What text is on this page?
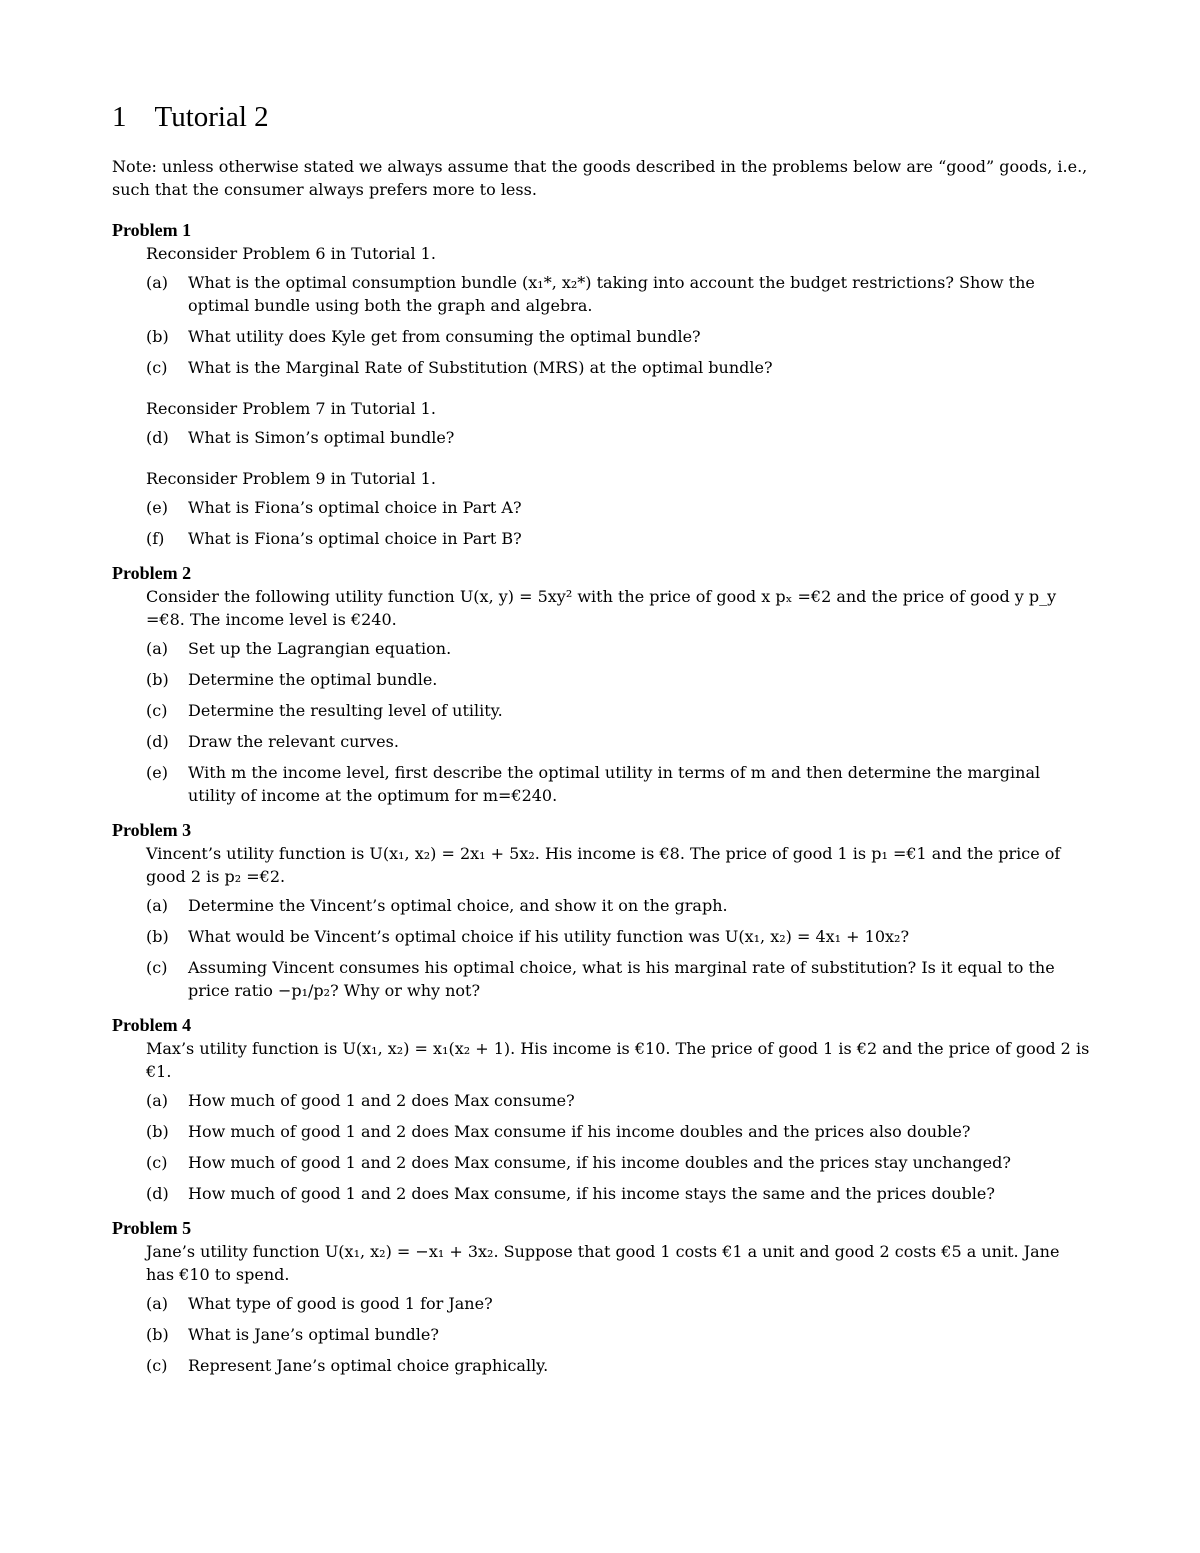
1 Tutorial 2

Note: unless otherwise stated we always assume that the goods described in the problems below are “good” goods, i.e., such that the consumer always prefers more to less.

Problem 1
Reconsider Problem 6 in Tutorial 1.
(a)	What is the optimal consumption bundle (x₁*, x₂*) taking into account the budget restrictions? Show the optimal bundle using both the graph and algebra.
(b)	What utility does Kyle get from consuming the optimal bundle?
(c)	What is the Marginal Rate of Substitution (MRS) at the optimal bundle?
Reconsider Problem 7 in Tutorial 1.
(d)	What is Simon’s optimal bundle?
Reconsider Problem 9 in Tutorial 1.
(e)	What is Fiona’s optimal choice in Part A?
(f)	What is Fiona’s optimal choice in Part B?
Problem 2
Consider the following utility function U(x, y) = 5xy² with the price of good x pₓ =€2 and the price of good y p_y =€8. The income level is €240.
(a)	Set up the Lagrangian equation.
(b)	Determine the optimal bundle.
(c)	Determine the resulting level of utility.
(d)	Draw the relevant curves.
(e)	With m the income level, first describe the optimal utility in terms of m and then determine the marginal utility of income at the optimum for m=€240.
Problem 3
Vincent’s utility function is U(x₁, x₂) = 2x₁ + 5x₂. His income is €8. The price of good 1 is p₁ =€1 and the price of good 2 is p₂ =€2.
(a)	Determine the Vincent’s optimal choice, and show it on the graph.
(b)	What would be Vincent’s optimal choice if his utility function was U(x₁, x₂) = 4x₁ + 10x₂?
(c)	Assuming Vincent consumes his optimal choice, what is his marginal rate of substitution? Is it equal to the price ratio −p₁/p₂? Why or why not?
Problem 4
Max’s utility function is U(x₁, x₂) = x₁(x₂ + 1). His income is €10. The price of good 1 is €2 and the price of good 2 is €1.
(a)	How much of good 1 and 2 does Max consume?
(b)	How much of good 1 and 2 does Max consume if his income doubles and the prices also double?
(c)	How much of good 1 and 2 does Max consume, if his income doubles and the prices stay unchanged?
(d)	How much of good 1 and 2 does Max consume, if his income stays the same and the prices double?
Problem 5
Jane’s utility function U(x₁, x₂) = −x₁ + 3x₂. Suppose that good 1 costs €1 a unit and good 2 costs €5 a unit. Jane has €10 to spend.
(a)	What type of good is good 1 for Jane?
(b)	What is Jane’s optimal bundle?
(c)	Represent Jane’s optimal choice graphically.
